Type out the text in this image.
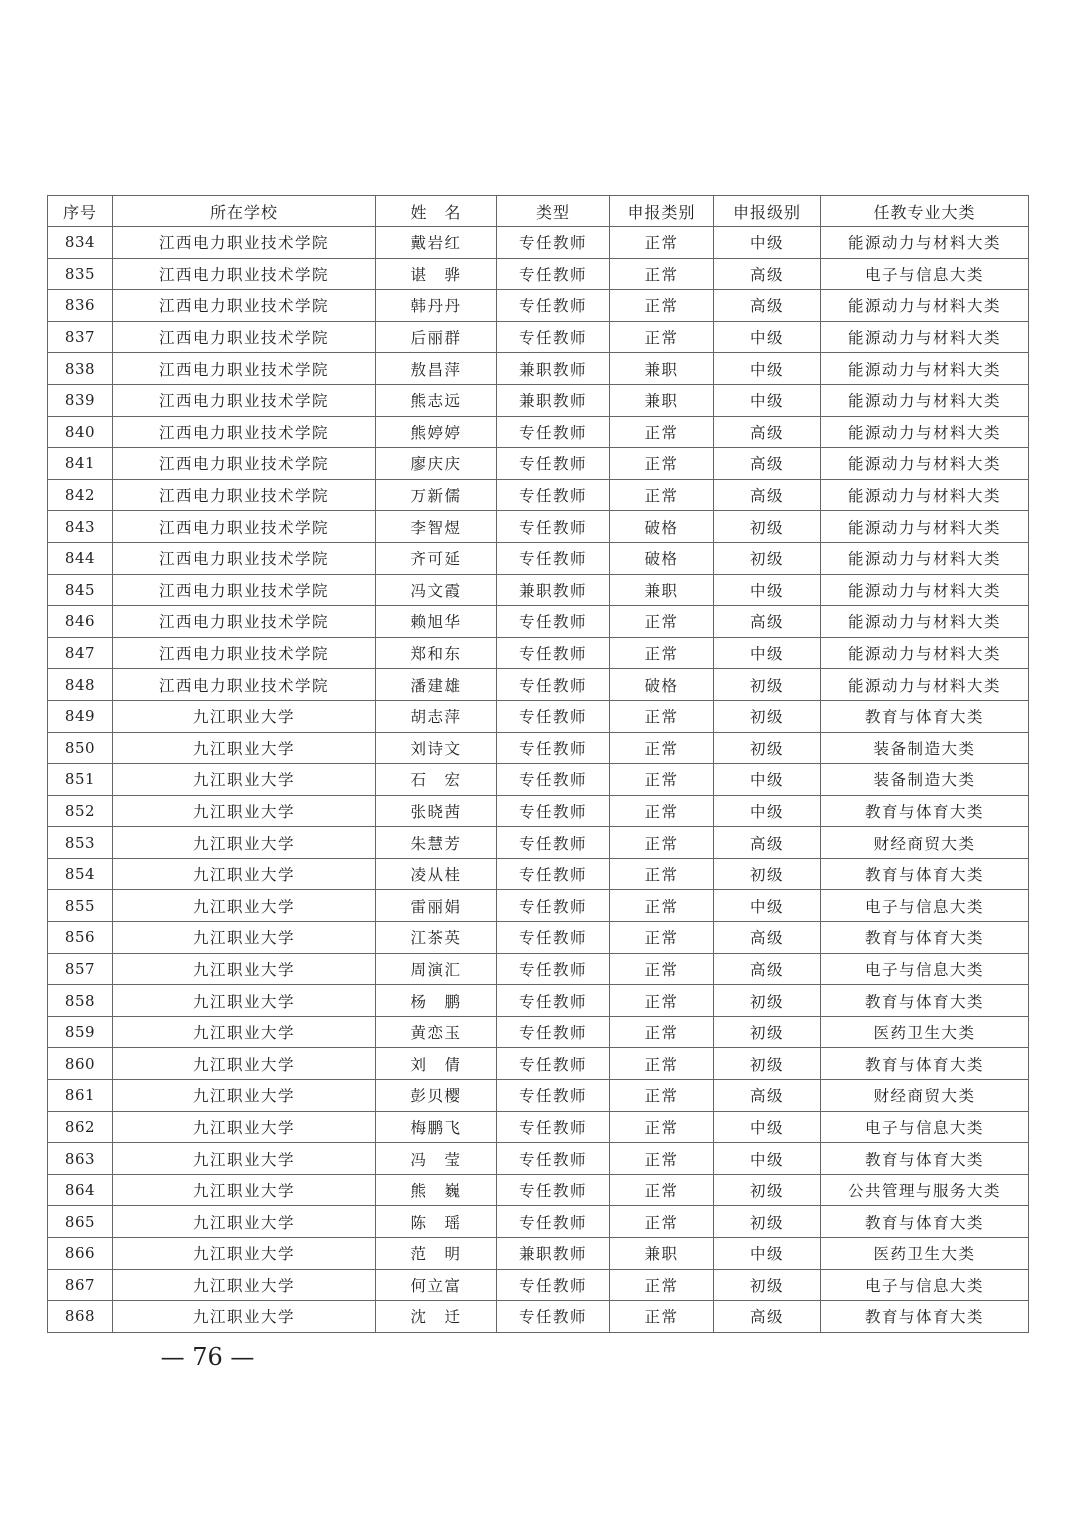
序号	所在学校	姓　名	类型	申报类别	申报级别	任教专业大类
834	江西电力职业技术学院	戴岩红	专任教师	正常	中级	能源动力与材料大类
835	江西电力职业技术学院	谌　骅	专任教师	正常	高级	电子与信息大类
836	江西电力职业技术学院	韩丹丹	专任教师	正常	高级	能源动力与材料大类
837	江西电力职业技术学院	后丽群	专任教师	正常	中级	能源动力与材料大类
838	江西电力职业技术学院	敖昌萍	兼职教师	兼职	中级	能源动力与材料大类
839	江西电力职业技术学院	熊志远	兼职教师	兼职	中级	能源动力与材料大类
840	江西电力职业技术学院	熊婷婷	专任教师	正常	高级	能源动力与材料大类
841	江西电力职业技术学院	廖庆庆	专任教师	正常	高级	能源动力与材料大类
842	江西电力职业技术学院	万新儒	专任教师	正常	高级	能源动力与材料大类
843	江西电力职业技术学院	李智煜	专任教师	破格	初级	能源动力与材料大类
844	江西电力职业技术学院	齐可延	专任教师	破格	初级	能源动力与材料大类
845	江西电力职业技术学院	冯文霞	兼职教师	兼职	中级	能源动力与材料大类
846	江西电力职业技术学院	赖旭华	专任教师	正常	高级	能源动力与材料大类
847	江西电力职业技术学院	郑和东	专任教师	正常	中级	能源动力与材料大类
848	江西电力职业技术学院	潘建雄	专任教师	破格	初级	能源动力与材料大类
849	九江职业大学	胡志萍	专任教师	正常	初级	教育与体育大类
850	九江职业大学	刘诗文	专任教师	正常	初级	装备制造大类
851	九江职业大学	石　宏	专任教师	正常	中级	装备制造大类
852	九江职业大学	张晓茜	专任教师	正常	中级	教育与体育大类
853	九江职业大学	朱慧芳	专任教师	正常	高级	财经商贸大类
854	九江职业大学	凌从桂	专任教师	正常	初级	教育与体育大类
855	九江职业大学	雷丽娟	专任教师	正常	中级	电子与信息大类
856	九江职业大学	江茶英	专任教师	正常	高级	教育与体育大类
857	九江职业大学	周演汇	专任教师	正常	高级	电子与信息大类
858	九江职业大学	杨　鹏	专任教师	正常	初级	教育与体育大类
859	九江职业大学	黄恋玉	专任教师	正常	初级	医药卫生大类
860	九江职业大学	刘　倩	专任教师	正常	初级	教育与体育大类
861	九江职业大学	彭贝樱	专任教师	正常	高级	财经商贸大类
862	九江职业大学	梅鹏飞	专任教师	正常	中级	电子与信息大类
863	九江职业大学	冯　莹	专任教师	正常	中级	教育与体育大类
864	九江职业大学	熊　巍	专任教师	正常	初级	公共管理与服务大类
865	九江职业大学	陈　瑶	专任教师	正常	初级	教育与体育大类
866	九江职业大学	范　明	兼职教师	兼职	中级	医药卫生大类
867	九江职业大学	何立富	专任教师	正常	初级	电子与信息大类
868	九江职业大学	沈　迁	专任教师	正常	高级	教育与体育大类
— 76 —
